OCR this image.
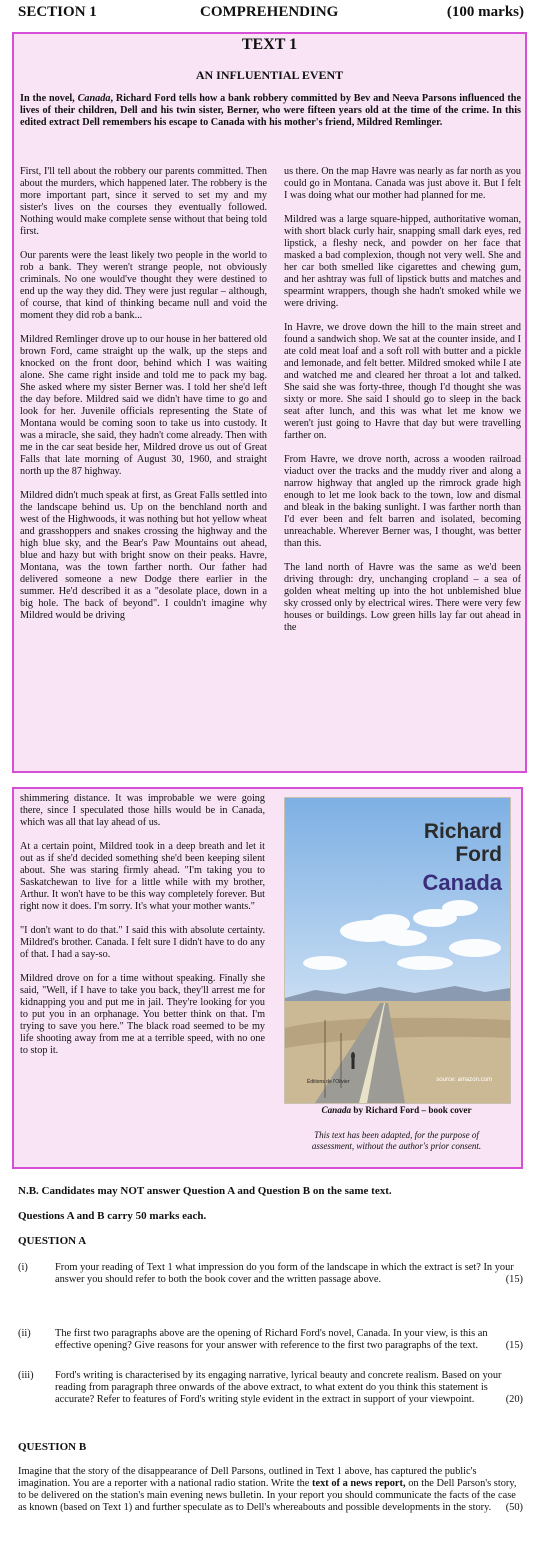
SECTION 1	COMPREHENDING	(100 marks)
TEXT 1
AN INFLUENTIAL EVENT
In the novel, Canada, Richard Ford tells how a bank robbery committed by Bev and Neeva Parsons influenced the lives of their children, Dell and his twin sister, Berner, who were fifteen years old at the time of the crime. In this edited extract Dell remembers his escape to Canada with his mother's friend, Mildred Remlinger.

First, I'll tell about the robbery our parents committed. Then about the murders, which happened later. The robbery is the more important part, since it served to set my and my sister's lives on the courses they eventually followed. Nothing would make complete sense without that being told first.

Our parents were the least likely two people in the world to rob a bank. They weren't strange people, not obviously criminals. No one would've thought they were destined to end up the way they did. They were just regular – although, of course, that kind of thinking became null and void the moment they did rob a bank...

Mildred Remlinger drove up to our house in her battered old brown Ford, came straight up the walk, up the steps and knocked on the front door, behind which I was waiting alone. She came right inside and told me to pack my bag. She asked where my sister Berner was. I told her she'd left the day before. Mildred said we didn't have time to go and look for her. Juvenile officials representing the State of Montana would be coming soon to take us into custody. It was a miracle, she said, they hadn't come already. Then with me in the car seat beside her, Mildred drove us out of Great Falls that late morning of August 30, 1960, and straight north up the 87 highway.

Mildred didn't much speak at first, as Great Falls settled into the landscape behind us. Up on the benchland north and west of the Highwoods, it was nothing but hot yellow wheat and grasshoppers and snakes crossing the highway and the high blue sky, and the Bear's Paw Mountains out ahead, blue and hazy but with bright snow on their peaks. Havre, Montana, was the town farther north. Our father had delivered someone a new Dodge there earlier in the summer. He'd described it as a "desolate place, down in a big hole. The back of beyond". I couldn't imagine why Mildred would be driving

us there. On the map Havre was nearly as far north as you could go in Montana. Canada was just above it. But I felt I was doing what our mother had planned for me.

Mildred was a large square-hipped, authoritative woman, with short black curly hair, snapping small dark eyes, red lipstick, a fleshy neck, and powder on her face that masked a bad complexion, though not very well. She and her car both smelled like cigarettes and chewing gum, and her ashtray was full of lipstick butts and matches and spearmint wrappers, though she hadn't smoked while we were driving.

In Havre, we drove down the hill to the main street and found a sandwich shop. We sat at the counter inside, and I ate cold meat loaf and a soft roll with butter and a pickle and lemonade, and felt better. Mildred smoked while I ate and watched me and cleared her throat a lot and talked. She said she was forty-three, though I'd thought she was sixty or more. She said I should go to sleep in the back seat after lunch, and this was what let me know we weren't just going to Havre that day but were travelling farther on.

From Havre, we drove north, across a wooden railroad viaduct over the tracks and the muddy river and along a narrow highway that angled up the rimrock grade high enough to let me look back to the town, low and dismal and bleak in the baking sunlight. I was farther north than I'd ever been and felt barren and isolated, becoming unreachable. Wherever Berner was, I thought, was better than this.

The land north of Havre was the same as we'd been driving through: dry, unchanging cropland – a sea of golden wheat melting up into the hot unblemished blue sky crossed only by electrical wires. There were very few houses or buildings. Low green hills lay far out ahead in the

shimmering distance. It was improbable we were going there, since I speculated those hills would be in Canada, which was all that lay ahead of us.

At a certain point, Mildred took in a deep breath and let it out as if she'd decided something she'd been keeping silent about. She was staring firmly ahead. "I'm taking you to Saskatchewan to live for a little while with my brother, Arthur. It won't have to be this way completely forever. But right now it does. I'm sorry. It's what your mother wants."

"I don't want to do that." I said this with absolute certainty. Mildred's brother. Canada. I felt sure I didn't have to do any of that. I had a say-so.

Mildred drove on for a time without speaking. Finally she said, "Well, if I have to take you back, they'll arrest me for kidnapping you and put me in jail. They're looking for you to put you in an orphanage. You better think on that. I'm trying to save you here." The black road seemed to be my life shooting away from me at a terrible speed, with no one to stop it.

Richard
Ford
Canada
Éditions de l'Olivier	source: amazon.com
Canada by Richard Ford – book cover
This text has been adapted, for the purpose of assessment, without the author's prior consent.
N.B. Candidates may NOT answer Question A and Question B on the same text.
Questions A and B carry 50 marks each.
QUESTION A
(i)	From your reading of Text 1 what impression do you form of the landscape in which the extract is set? In your answer you should refer to both the book cover and the written passage above.	(15)
(ii) The first two paragraphs above are the opening of Richard Ford's novel, Canada. In your view, is this an effective opening? Give reasons for your answer with reference to the first two paragraphs of the text.	(15)
(iii) Ford's writing is characterised by its engaging narrative, lyrical beauty and concrete realism. Based on your reading from paragraph three onwards of the above extract, to what extent do you think this statement is accurate? Refer to features of Ford's writing style evident in the extract in support of your viewpoint.	(20)
QUESTION B
Imagine that the story of the disappearance of Dell Parsons, outlined in Text 1 above, has captured the public's imagination. You are a reporter with a national radio station. Write the text of a news report, on the Dell Parson's story, to be delivered on the station's main evening news bulletin. In your report you should communicate the facts of the case as known (based on Text 1) and further speculate as to Dell's whereabouts and possible developments in the story.	(50)
